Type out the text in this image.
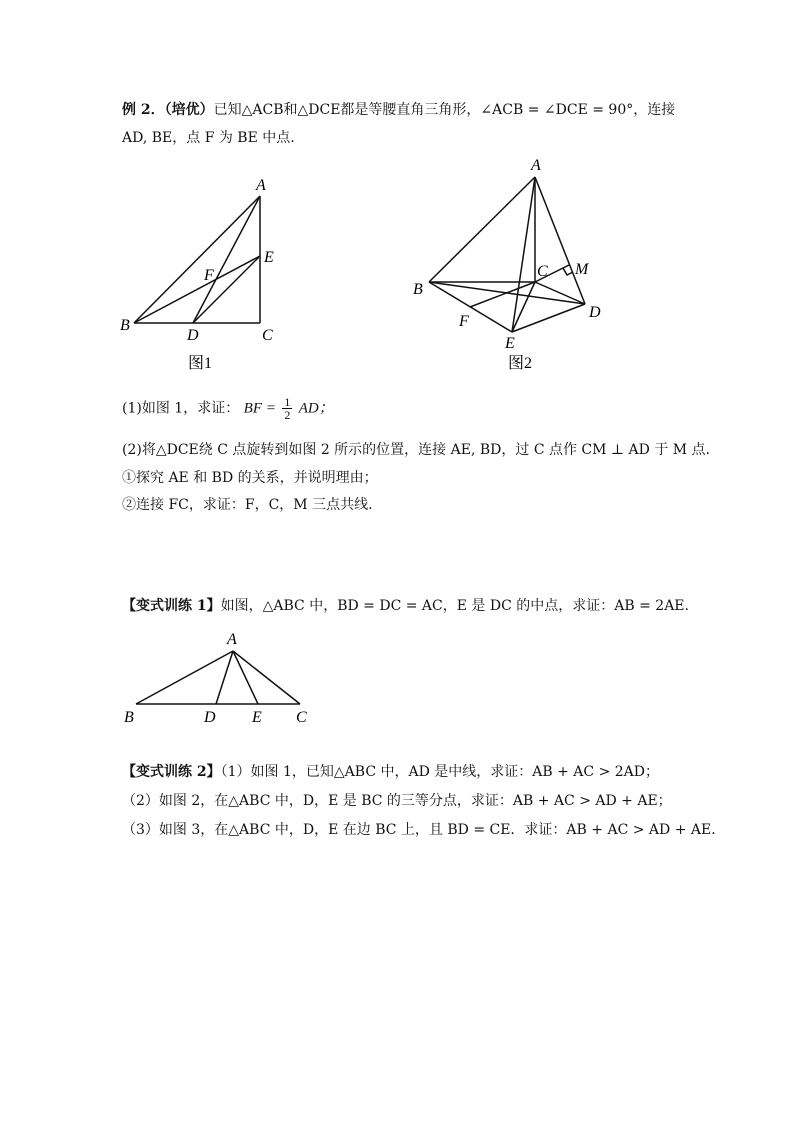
例 2．（培优）已知△ACB和△DCE都是等腰直角三角形，∠ACB = ∠DCE = 90°，连接
AD, BE，点 F 为 BE 中点.
A
E
F
B
D	C
图1
A
M
C
B
D
F
E
图2
(1)如图 1，求证： BF = $\frac{1}{2}$ AD；
(2)将△DCE绕 C 点旋转到如图 2 所示的位置，连接 AE, BD，过 C 点作 CM ⊥ AD 于 M 点.
①探究 AE 和 BD 的关系，并说明理由；
②连接 FC，求证：F，C，M 三点共线.
【变式训练 1】如图，△ABC 中，BD = DC = AC，E 是 DC 的中点，求证：AB = 2AE.
A
B	D E C
【变式训练 2】（1）如图 1，已知△ABC 中，AD 是中线，求证：AB + AC > 2AD；
（2）如图 2，在△ABC 中，D，E 是 BC 的三等分点，求证：AB + AC > AD + AE；
（3）如图 3，在△ABC 中，D，E 在边 BC 上，且 BD = CE．求证：AB + AC > AD + AE．
